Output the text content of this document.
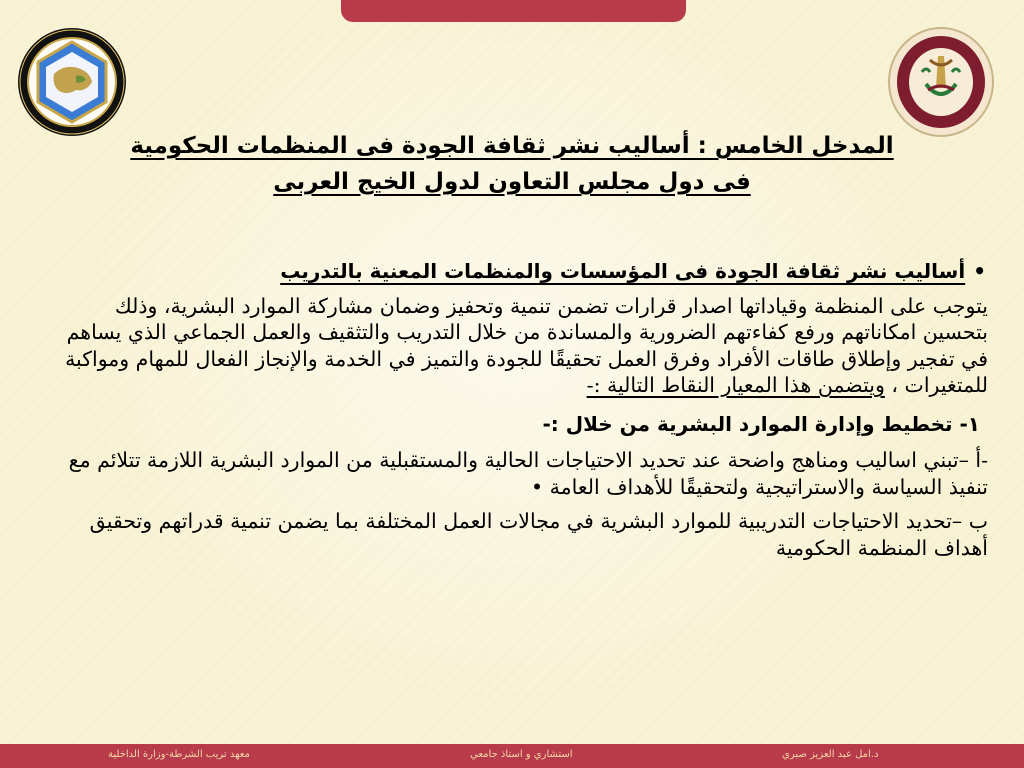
المدخل الخامس : أساليب نشر ثقافة الجودة فى المنظمات الحكومية
فى دول مجلس التعاون لدول الخيج العربى
•أساليب نشر ثقافة الجودة فى المؤسسات والمنظمات المعنية بالتدريب

يتوجب على المنظمة وقياداتها اصدار قرارات تضمن تنمية وتحفيز وضمان مشاركة الموارد البشرية، وذلك بتحسين امكاناتهم ورفع كفاءتهم الضرورية والمساندة من خلال التدريب والتثقيف والعمل الجماعي الذي يساهم في تفجير وإطلاق طاقات الأفراد وفرق العمل تحقيقًا للجودة والتميز في الخدمة والإنجاز الفعال للمهام ومواكبة للمتغيرات ، ويتضمن هذا المعيار النقاط التالية :-

١- تخطيط وإدارة الموارد البشرية من خلال :-

-أ –تبني اساليب ومناهج واضحة عند تحديد الاحتياجات الحالية والمستقبلية من الموارد البشرية اللازمة تتلائم مع تنفيذ السياسة والاستراتيجية ولتحقيقًا للأهداف العامة •

ب –تحديد الاحتياجات التدريبية للموارد البشرية في مجالات العمل المختلفة بما يضمن تنمية قدراتهم وتحقيق أهداف المنظمة الحكومية

معهد تريب الشرطة-وزارة الداخلية	استشاري و استاذ جامعي	د.امل عبد العزيز صبري
